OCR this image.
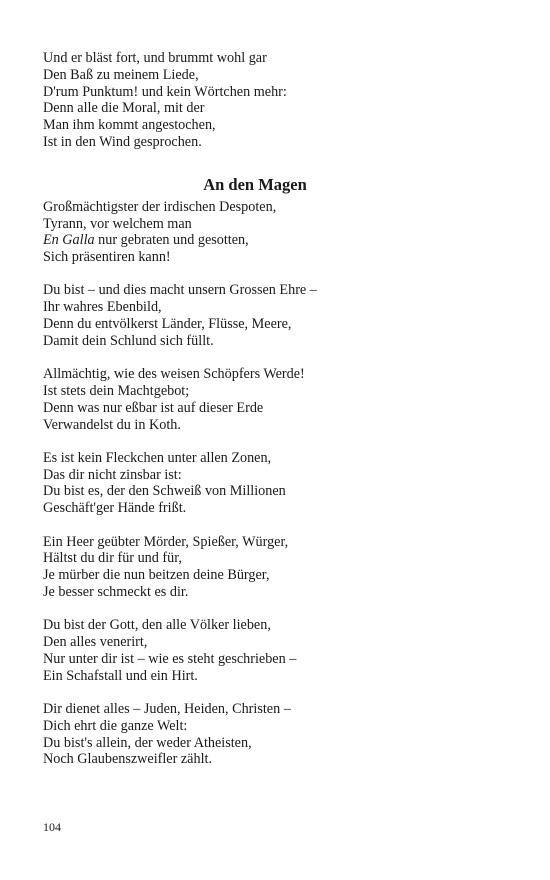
Und er bläst fort, und brummt wohl gar
Den Baß zu meinem Liede,
D'rum Punktum! und kein Wörtchen mehr:
Denn alle die Moral, mit der
Man ihm kommt angestochen,
Ist in den Wind gesprochen.
An den Magen
Großmächtigster der irdischen Despoten,
Tyrann, vor welchem man
En Galla nur gebraten und gesotten,
Sich präsentiren kann!
Du bist – und dies macht unsern Grossen Ehre –
Ihr wahres Ebenbild,
Denn du entvölkerst Länder, Flüsse, Meere,
Damit dein Schlund sich füllt.
Allmächtig, wie des weisen Schöpfers Werde!
Ist stets dein Machtgebot;
Denn was nur eßbar ist auf dieser Erde
Verwandelst du in Koth.
Es ist kein Fleckchen unter allen Zonen,
Das dir nicht zinsbar ist:
Du bist es, der den Schweiß von Millionen
Geschäft'ger Hände frißt.
Ein Heer geübter Mörder, Spießer, Würger,
Hältst du dir für und für,
Je mürber die nun beitzen deine Bürger,
Je besser schmeckt es dir.
Du bist der Gott, den alle Völker lieben,
Den alles venerirt,
Nur unter dir ist – wie es steht geschrieben –
Ein Schafstall und ein Hirt.
Dir dienet alles – Juden, Heiden, Christen –
Dich ehrt die ganze Welt:
Du bist's allein, der weder Atheisten,
Noch Glaubenszweifler zählt.
104
